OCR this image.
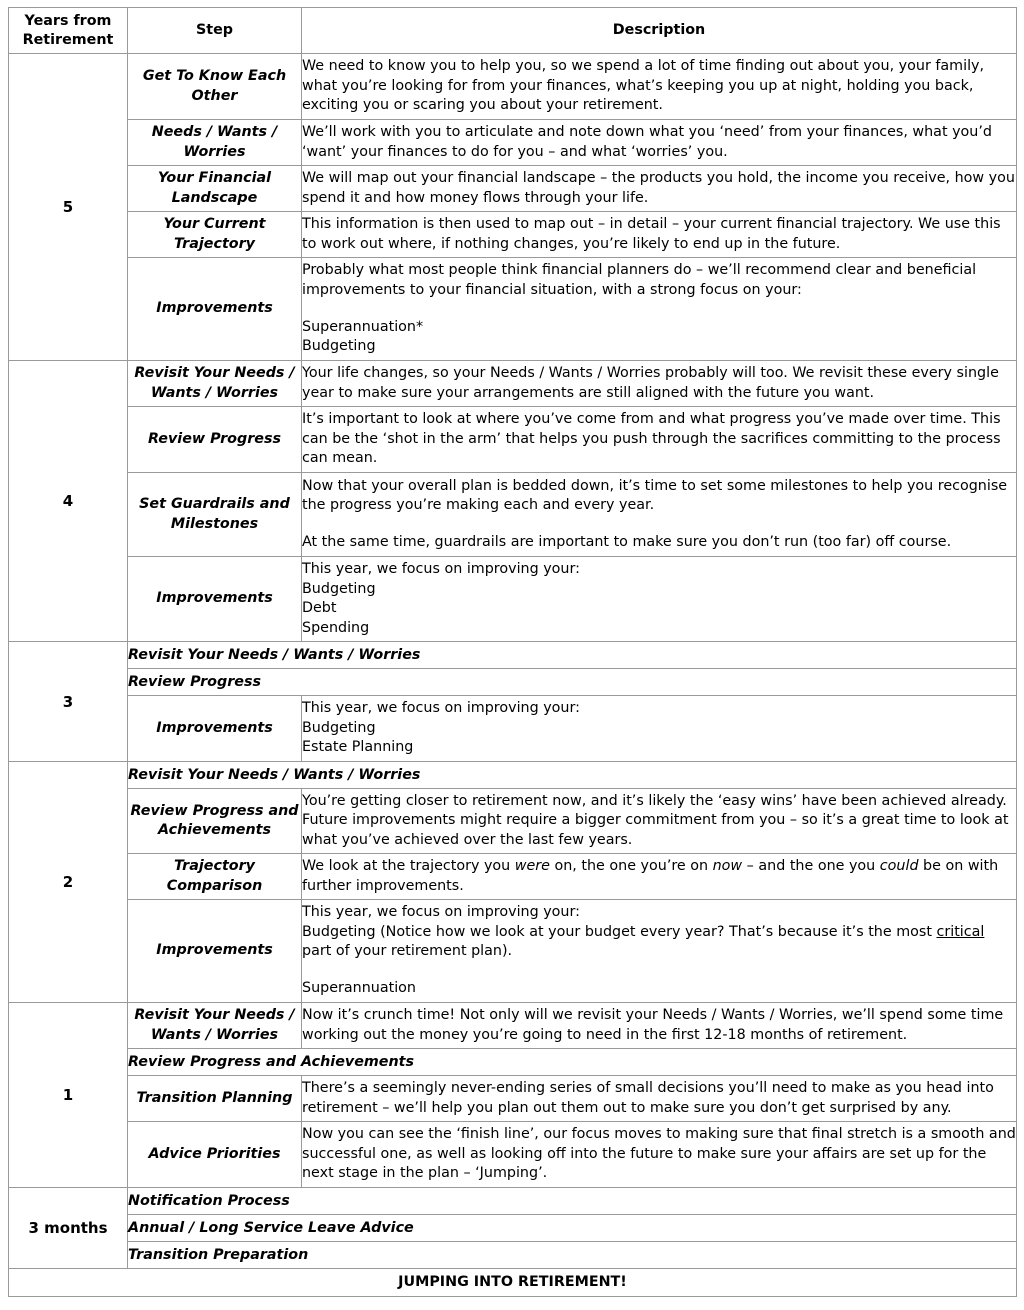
Years from Retirement	Step	Description
5	Get To Know Each Other	We need to know you to help you, so we spend a lot of time finding out about you, your family, what you’re looking for from your finances, what’s keeping you up at night, holding you back, exciting you or scaring you about your retirement.
	Needs / Wants / Worries	We’ll work with you to articulate and note down what you ‘need’ from your finances, what you’d ‘want’ your finances to do for you – and what ‘worries’ you.
	Your Financial Landscape	We will map out your financial landscape – the products you hold, the income you receive, how you spend it and how money flows through your life.
	Your Current Trajectory	This information is then used to map out – in detail – your current financial trajectory. We use this to work out where, if nothing changes, you’re likely to end up in the future.
	Improvements	Probably what most people think financial planners do – we’ll recommend clear and beneficial improvements to your financial situation, with a strong focus on your:

Superannuation*

Budgeting

4	Revisit Your Needs / Wants / Worries	Your life changes, so your Needs / Wants / Worries probably will too. We revisit these every single year to make sure your arrangements are still aligned with the future you want.
	Review Progress	It’s important to look at where you’ve come from and what progress you’ve made over time. This can be the ‘shot in the arm’ that helps you push through the sacrifices committing to the process can mean.
	Set Guardrails and Milestones	Now that your overall plan is bedded down, it’s time to set some milestones to help you recognise the progress you’re making each and every year.

At the same time, guardrails are important to make sure you don’t run (too far) off course.

	Improvements	This year, we focus on improving your:

Budgeting

Debt

Spending

3	Revisit Your Needs / Wants / Worries	
	Review Progress	
	Improvements	This year, we focus on improving your:

Budgeting

Estate Planning

2	Revisit Your Needs / Wants / Worries	
	Review Progress and Achievements	You’re getting closer to retirement now, and it’s likely the ‘easy wins’ have been achieved already. Future improvements might require a bigger commitment from you – so it’s a great time to look at what you’ve achieved over the last few years.
	Trajectory Comparison	We look at the trajectory you were on, the one you’re on now – and the one you could be on with further improvements.
	Improvements	This year, we focus on improving your:

Budgeting (Notice how we look at your budget every year? That’s because it’s the most critical part of your retirement plan).

Superannuation

1	Revisit Your Needs / Wants / Worries	Now it’s crunch time! Not only will we revisit your Needs / Wants / Worries, we’ll spend some time working out the money you’re going to need in the first 12-18 months of retirement.
	Review Progress and Achievements	
	Transition Planning	There’s a seemingly never-ending series of small decisions you’ll need to make as you head into retirement – we’ll help you plan out them out to make sure you don’t get surprised by any.
	Advice Priorities	Now you can see the ‘finish line’, our focus moves to making sure that final stretch is a smooth and successful one, as well as looking off into the future to make sure your affairs are set up for the next stage in the plan – ‘Jumping’.
3 months	Notification Process	
	Annual / Long Service Leave Advice	
	Transition Preparation	
JUMPING INTO RETIREMENT!		
